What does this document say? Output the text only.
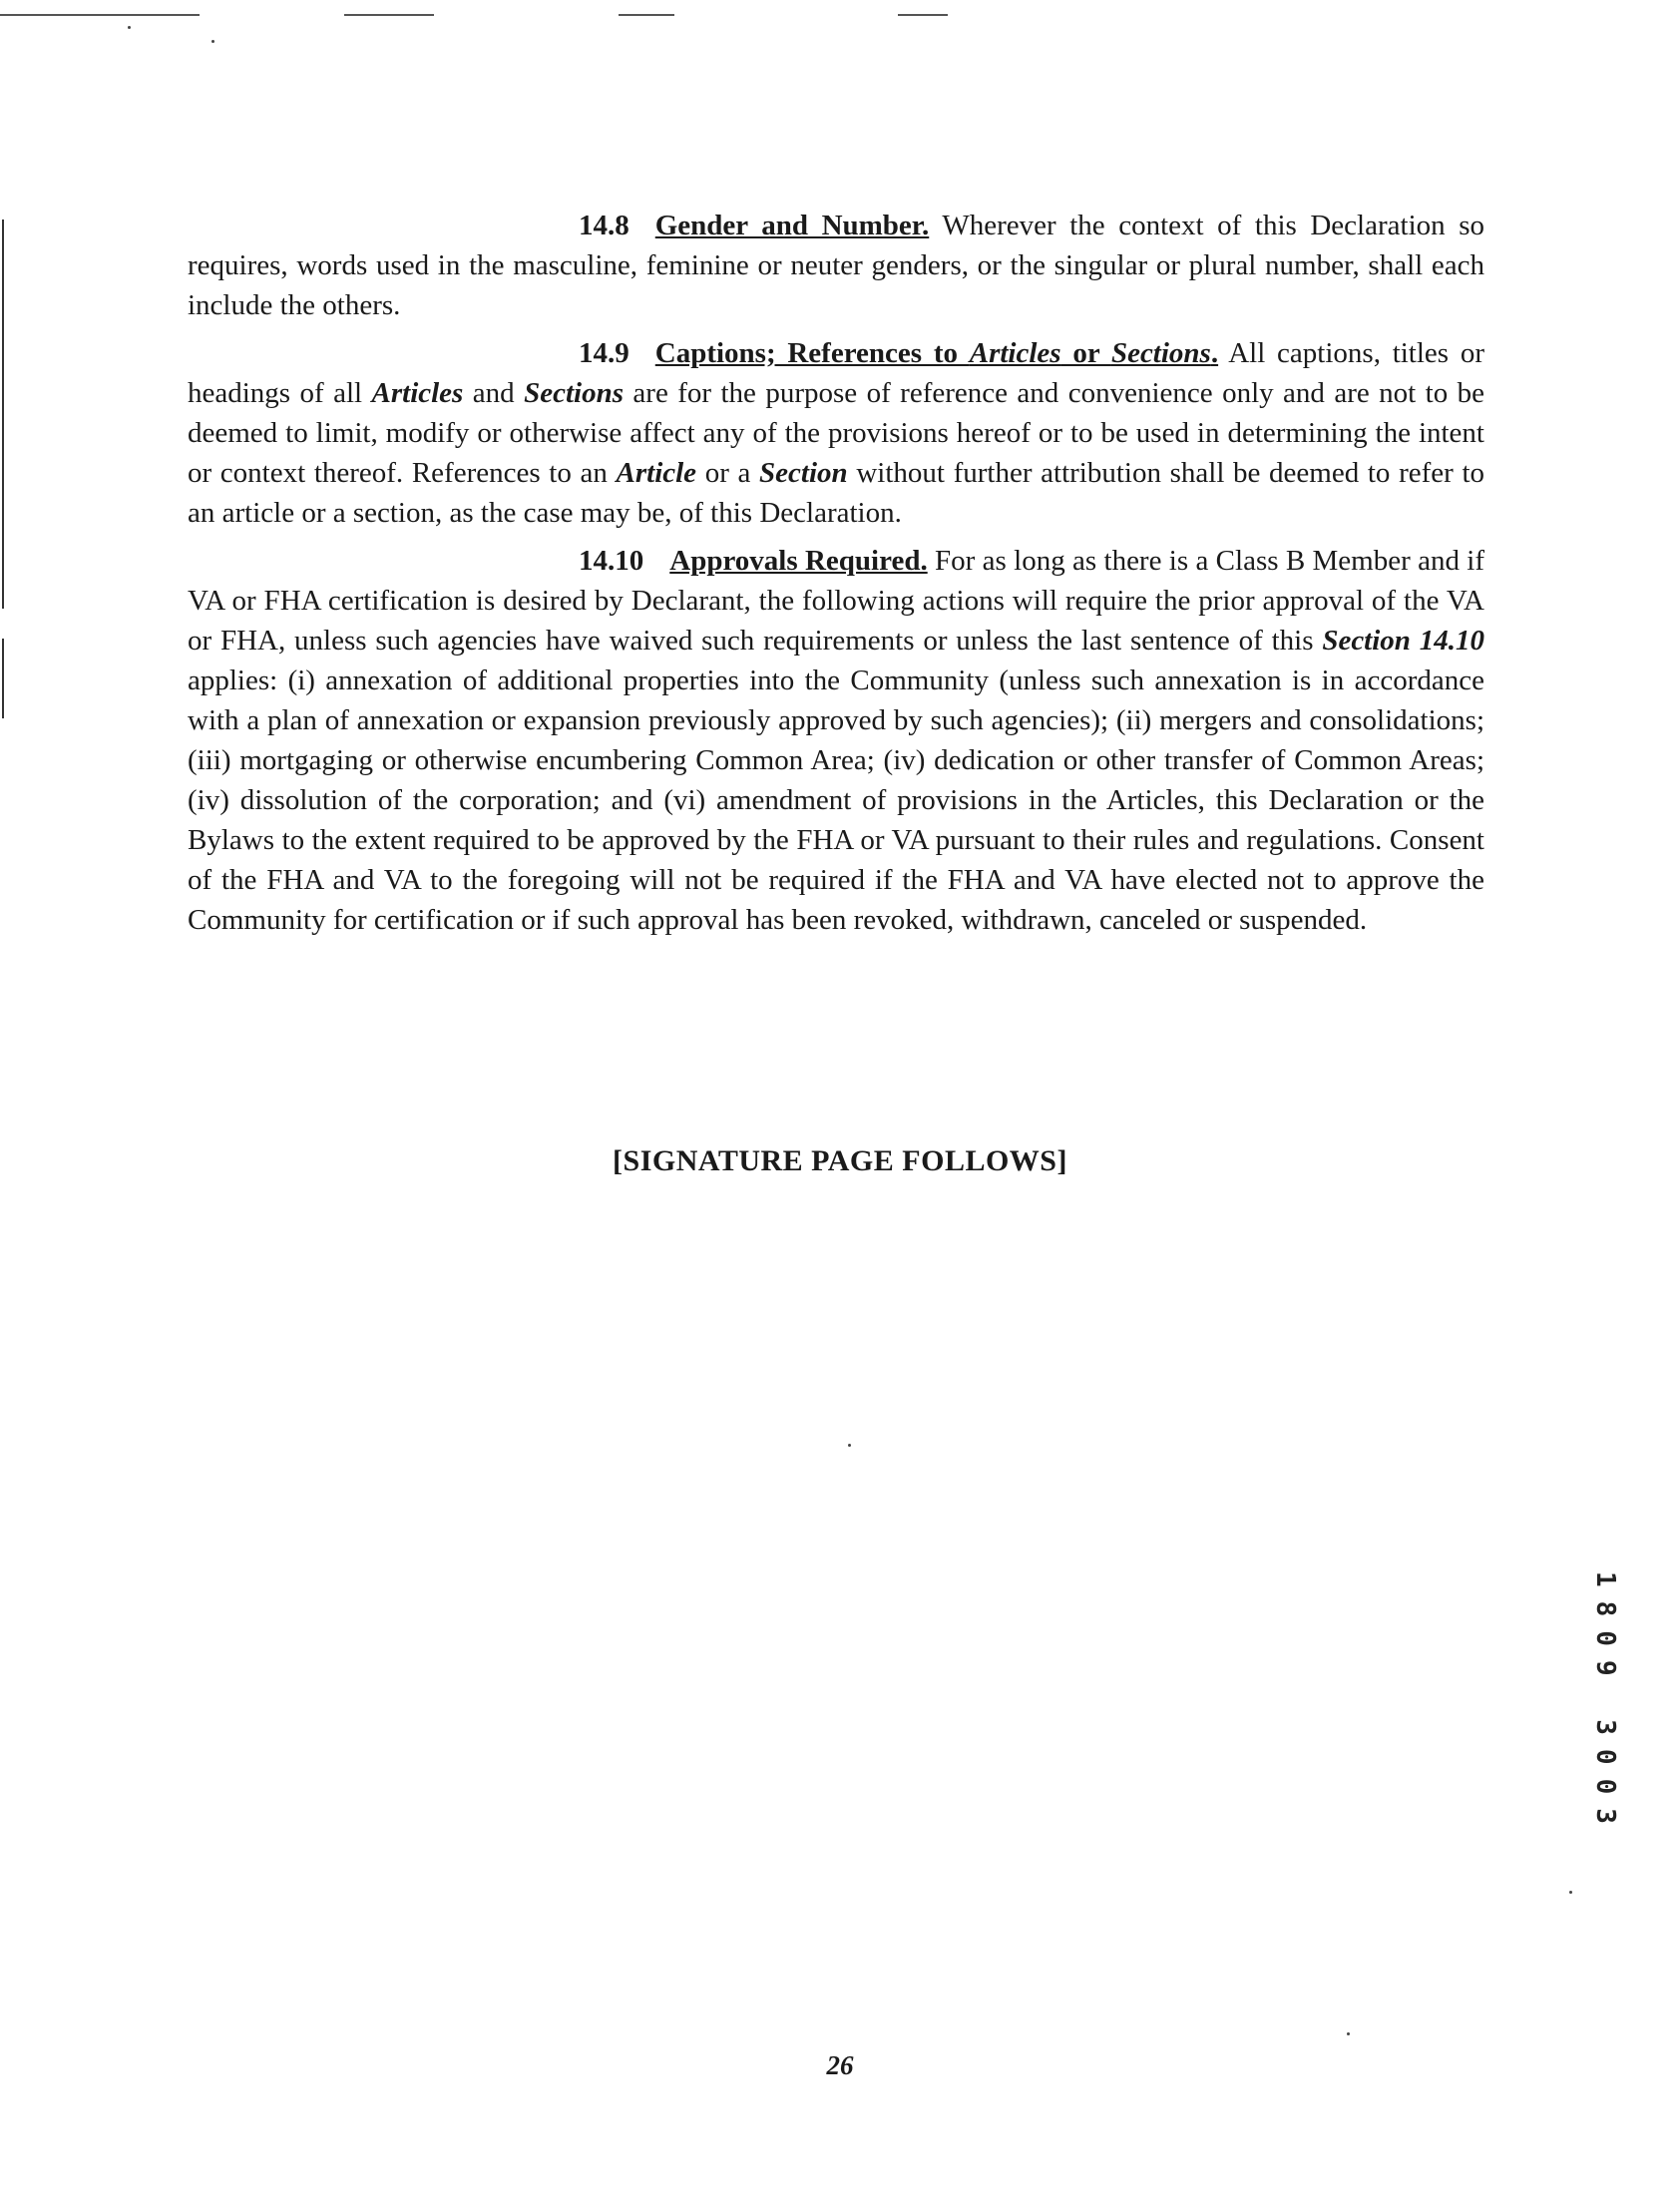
14.8 Gender and Number. Wherever the context of this Declaration so requires, words used in the masculine, feminine or neuter genders, or the singular or plural number, shall each include the others.

14.9 Captions; References to Articles or Sections. All captions, titles or headings of all Articles and Sections are for the purpose of reference and convenience only and are not to be deemed to limit, modify or otherwise affect any of the provisions hereof or to be used in determining the intent or context thereof. References to an Article or a Section without further attribution shall be deemed to refer to an article or a section, as the case may be, of this Declaration.

14.10 Approvals Required. For as long as there is a Class B Member and if VA or FHA certification is desired by Declarant, the following actions will require the prior approval of the VA or FHA, unless such agencies have waived such requirements or unless the last sentence of this Section 14.10 applies: (i) annexation of additional properties into the Community (unless such annexation is in accordance with a plan of annexation or expansion previously approved by such agencies); (ii) mergers and consolidations; (iii) mortgaging or otherwise encumbering Common Area; (iv) dedication or other transfer of Common Areas; (iv) dissolution of the corporation; and (vi) amendment of provisions in the Articles, this Declaration or the Bylaws to the extent required to be approved by the FHA or VA pursuant to their rules and regulations. Consent of the FHA and VA to the foregoing will not be required if the FHA and VA have elected not to approve the Community for certification or if such approval has been revoked, withdrawn, canceled or suspended.

[SIGNATURE PAGE FOLLOWS]
26
1809 3003
